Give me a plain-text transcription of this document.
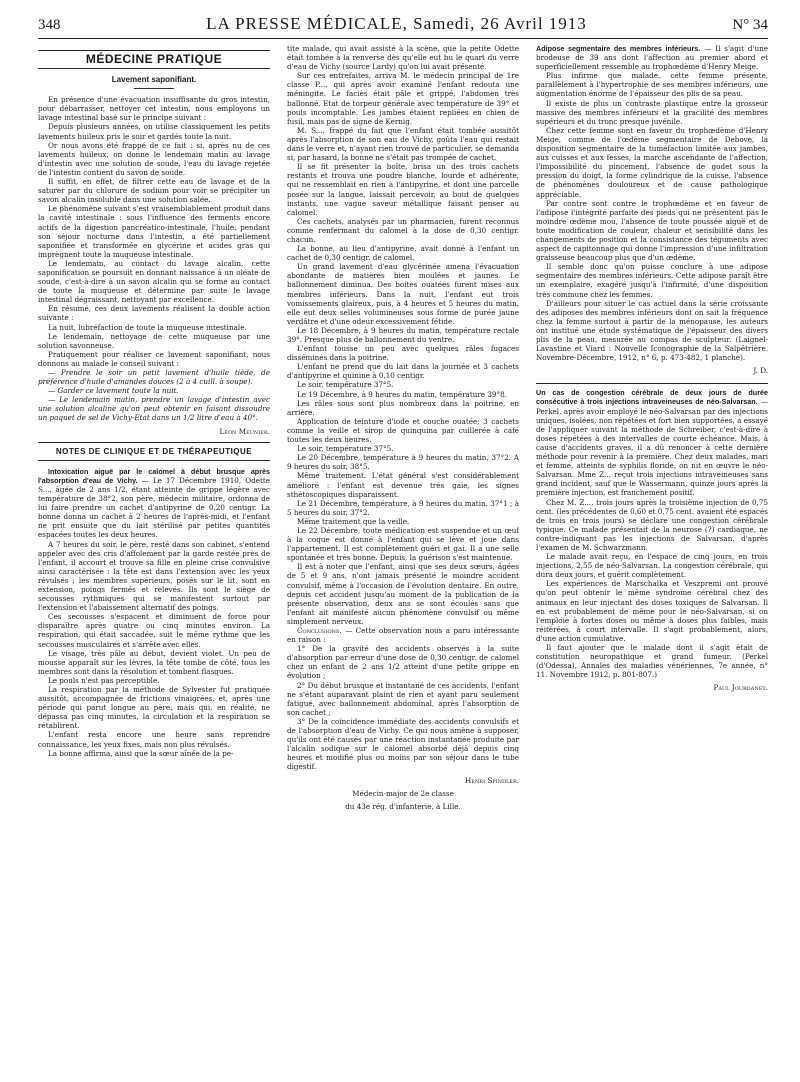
348	LA PRESSE MÉDICALE, Samedi, 26 Avril 1913	N° 34
MÉDECINE PRATIQUE
Lavement saponifiant.

En présence d'une évacuation insuffisante du gros intestin, pour débarrasser, nettoyer cet intestin, nous employons un lavage intestinal basé sur le principe suivant :

Depuis plusieurs années, on utilise classiquement les petits lavements huileux pris le soir et gardés toute la nuit.

Or nous avons été frappé de ce fait : si, après nu de ces lavements huileux, on donne le lendemain matin au lavage d'intestin avec une solution de soude, l'eau du lavage rejetée de l'intestin contient du savon de soude.

Il suffit, en effet, de filtrer cette eau de lavage et de la saturer par du chlorure de sodium pour voir se précipiter un savon alcalin insoluble dans une solution salée.

Le phénomène suivant s'est vraisemblablement produit dans la cavité intestinale : sous l'influence des ferments encore actifs de la digestion pancréatico-intestinale, l'huile, pendant son séjour nocturne dans l'intestin, a été partiellement saponifiée et transformée en glycérine et acides gras qui imprègnent toute la muqueuse intestinale.

Le lendemain, au contact du lavage alcalin, cette saponification se poursuit en donnant naissance à un oléate de soude, c'est-à-dire à un savon alcalin qui se forme au contact de toute la muqueuse et détermine par suite le lavage intestinal dégraissant, nettoyant par excellence.

En résumé, ces deux lavements réalisent la double action suivante :

La nuit, lubréfaction de toute la muqueuse intestinale.

Le lendemain, nettoyage de cette muqueuse par une solution savonneuse.

Pratiquement pour réaliser ce lavement saponifiant, nous donnons au malade le conseil suivant :

— Prendre le soir un petit lavement d'huile tiède, de préférence d'huile d'amandes douces (2 à 4 cuill. à soupe).

— Garder ce lavement toute la nuit.

— Le lendemain matin, prendre un lavage d'intestin avec une solution alcaline qu'on peut obtenir en faisant dissoudre un paquet de sel de Vichy-Etat dans un 1/2 litre d'eau à 40°.

Léon Meunier.
NOTES DE CLINIQUE ET DE THÉRAPEUTIQUE

Intoxication aiguë par le calomel à début brusque après l'absorption d'eau de Vichy. — Le 17 Décembre 1910, Odette S..., âgée de 2 ans 1/2, étant atteinte de grippe légère avec température de 38°2, son père, médecin militaire, ordonna de lui faire prendre un cachet d'antipyrine de 0,20 centigr. La bonne donna un cachet à 2 heures de l'après-midi, et l'enfant ne prit ensuite que du lait stérilisé par petites quantités espacées toutes les deux heures.

A 7 heures du soir, le père, resté dans son cabinet, s'entend appeler avec des cris d'affolement par la garde restée près de l'enfant, il accourt et trouve sa fille en pleine crise convulsive ainsi caractérisée : la tête est dans l'extension avec les yeux révulsés ; les membres supérieurs, posés sur le lit, sont en extension, poings fermés et relevés. Ils sont le siège de secousses rythmiques qui se manifestent surtout par l'extension et l'abaissement alternatif des poings.

Ces secousses s'espacent et diminuent de force pour disparaître après quatre ou cinq minutes environ. La respiration, qui était saccadée, suit le même rythme que les secousses musculaires et s'arrête avec elles.

Le visage, très pâle au début, devient violet. Un peu de mousse apparaît sur les lèvres, la tête tombe de côté, tous les membres sont dans la résolution et tombent flasques.

Le pouls n'est pas perceptible.

La respiration par la méthode de Sylvester fut pratiquée aussitôt, accompagnée de frictions vinaigrées, et, après une période qui parut longue au père, mais qui, en réalité, ne dépassa pas cinq minutes, la circulation et la respiration se rétablirent.

L'enfant resta encore une heure sans reprendre connaissance, les yeux fixes, mais non plus révulsés.

La bonne affirma, ainsi que la sœur aînée de la pe-

tite malade, qui avait assisté à la scène, que la petite Odette était tombée à la renverse dès qu'elle eut bu le quart du verre d'eau de Vichy (source Lardy) qu'on lui avait présenté.

Sur ces entrefaites, arriva M. le médecin principal de 1re classe P..., qui après avoir examiné l'enfant redouta une méningite. Le faciès était pâle et grippé, l'abdomen très ballonné. Etat de torpeur générale avec température de 39° et pouls incomptable. Les jambes étaient repliées en chien de fusil, mais pas de signe de Kernig.

M. S..., frappé du fait que l'enfant était tombée aussitôt après l'absorption de son eau de Vichy, goûta l'eau qui restait dans le verre et, n'ayant rien trouvé de particulier, se demanda si, par hasard, la bonne ne s'était pas trompée de cachet.

Il se fit présenter la boîte, brisa un des trois cachets restants et trouva une poudre blanche, lourde et adhérente, qui ne ressemblait en rien à l'antipyrine, et dont une parcelle posée sur la langue, laissait percevoir, au bout de quelques instants, une vague saveur métallique faisant penser au calomel.

Ces cachets, analysés par un pharmacien, furent reconnus comme renfermant du calomel à la dose de 0,30 centigr. chacun.

La bonne, au lieu d'antipyrine, avait donné à l'enfant un cachet de 0,30 centigr. de calomel.

Un grand lavement d'eau glycérinée amena l'évacuation abondante de matières bien moulées et jaunes. Le ballonnement diminua. Des boites ouatées furent mises aux membres inférieurs. Dans la nuit, l'enfant eut trois vomissements glaireux, puis, à 4 heures et 5 heures du matin, elle eut deux selles volumineuses sous forme de purée jaune verdâtre et d'une odeur excessivement fétide.

Le 18 Décembre, à 9 heures du matin, température rectale 39°. Presque plus de ballonnement du ventre.

L'enfant tousse un peu avec quelques râles fugaces disséminés dans la poitrine.

L'enfant ne prend que du lait dans la journée et 3 cachets d'antipyrine et quinine à 0,10 centigr.

Le soir, température 37°5.

Le 19 Décembre, à 9 heures du matin, température 39°8.

Les râles sous sont plus nombreux dans la poitrine, en arrière.

Application de teinture d'iode et couche ouatée; 3 cachets comme la veille et sirop de quinquina par cuillerée à café toutes les deux heures.

Le soir, température 37°5.

Le 20 Décembre, température à 9 heures du matin, 37°2. A 9 heures du soir, 38°5.

Même traitement. L'état général s'est considérablement amélioré : l'enfant est devenue très gaie, les signes sthétoscopiques disparaissent.

Le 21 Décembre, température, à 9 heures du matin, 37°1 ; à 5 heures du soir, 37°2.

Même traitement que la veille.

Le 22 Décembre, toute médication est suspendue et un œuf à la coque est donné à l'enfant qui se lève et joue dans l'appartement. Il est complètement guéri et gai. Il a une selle spontanée et très bonne. Depuis, la guérison s'est maintenue.

Il est à noter que l'enfant, ainsi que ses deux sœurs, âgées de 5 et 9 ans, n'ont jamais présenté le moindre accident convulsif, même à l'occasion de l'évolution dentaire. En outre, depuis cet accident jusqu'au moment de la publication de la présente observation, deux ans se sont écoulés sans que l'enfant ait manifesté aucun phénomène convulsif ou même simplement nerveux.

Conclusions. — Cette observation nous a paru intéressante en raison :

1° De la gravité des accidents observés à la suite d'absorption par erreur d'une dose de 0,30 centigr. de calomel chez un enfant de 2 ans 1/2 atteint d'une petite grippe en évolution ;

2° Du début brusque et instantané de ces accidents, l'enfant ne s'étant auparavant plaint de rien et ayant paru seulement fatigué, avec ballonnement abdominal, après l'absorption de son cachet ;

3° De la coïncidence immédiate des accidents convulsifs et de l'absorption d'eau de Vichy. Ce qui nous amène à supposer, qu'ils ont été causés par une réaction instantanée produite par l'alcalin sodique sur le calomel absorbé déjà depuis cinq heures et modifié plus ou moins par son séjour dans le tube digestif.

Henri Spindler.
Médecin-major de 2e classe
du 43e rég. d'infanterie, à Lille.

Adipose segmentaire des membres inférieurs. — Il s'agit d'une brodeuse de 39 ans dont l'affection au premier abord et superficiellement ressemble au trophœdème d'Henry Meige.

Plus infirme que malade, cette femme présente, parallèlement à l'hypertrophie de ses membres inférieurs, une augmentation énorme de l'épaisseur des plis de sa peau.

Il existe de plus un contraste plastique entre la grosseur massive des membres inférieurs et la gracilité des membres supérieurs et du tronc presque juvénile.

Chez cette femme sont en faveur du trophœdème d'Henry Meige, comme de l'œdème segmentaire de Debove, la disposition segmentaire de la tuméfaction limitée aux jambes, aux cuisses et aux fesses, la marche ascendante de l'affection, l'impossibilité du pincement, l'absence de godet sous la pression du doigt, la forme cylindrique de la cuisse, l'absence de phénomènes douloureux et de cause pathologique appréciable.

Par contre sont contre le trophœdème et en faveur de l'adipose l'intégrité parfaite des pieds qui ne présentent pas le moindre œdème mou, l'absence de toute poussée aiguë et de toute modification de couleur, chaleur et sensibilité dans les changements de position et la consistance des téguments avec aspect de capitonnage qui donne l'impression d'une infiltration graisseuse beaucoup plus que d'un œdème.

Il semble donc qu'on puisse conclure à une adipose segmentaire des membres inférieurs. Cette adipose paraît être un exemplaire, exagéré jusqu'à l'infirmité, d'une disposition très commune chez les femmes.

D'ailleurs pour situer le cas actuel dans la série croissante des adiposes des membres inférieurs dont on sait la fréquence chez la femme surtout à partir de la ménopause, les auteurs ont institué une étude systématique de l'épaisseur des divers plis de la peau, mesurée au compas de sculpteur. (Laignel-Lavastine et Viard : Nouvelle Iconographie de la Salpêtrière. Novembre-Décembre, 1912, n° 6, p. 473-482, 1 planche).

J. D.

Un cas de congestion cérébrale de deux jours de durée consécutive à trois injections intraveineuses de néo-Salvarsan. — Perkel, après avoir employé le néo-Salvarsan par des injections uniques, isolées, non répétées et fort bien supportées, a essayé de l'appliquer suivant la méthode de Schreiber, c'est-à-dire à doses répétées à des intervalles de courte échéance. Mais, à cause d'accidents graves, il a dû renoncer à cette dernière méthode pour revenir à la première. Chez deux malades, mari et femme, atteints de syphilis floride, on nit en œuvre le néo-Salvarsan. Mme Z... reçut trois injections intraveineuses sans grand incident, sauf que le Wassermann, quinze jours après la première injection, est franchement positif.

Chez M. Z..., trois jours après la troisième injection de 0,75 cent. (les précédentes de 0,60 et 0,75 cent. avaient été espacés de trois en trois jours) se déclare une congestion cérébrale typique. Ce malade présentait de la neurose (?) cardiaque, ne contre-indiquant pas les injections de Salvarsan, d'après l'examen de M. Schwarzmann.

Le malade avait reçu, en l'espace de cinq jours, en trois injections, 2,55 de néo-Salvarsan. La congestion cérébrale, qui dura deux jours, et guérit complètement.

Les expériences de Marschalka et Veszpremi ont prouvé qu'on peut obtenir le même syndrome cérébral chez des animaux en leur injectant des doses toxiques de Salvarsan. Il en est probablement de même pour le néo-Salvarsan, si on l'emploie à fortes doses ou même à doses plus faibles, mais réitérées, à court intervalle. Il s'agit probablement, alors, d'une action cumulative.

Il faut ajouter que le malade dont il s'agit était de constitution neuropathique et grand fumeur. (Perkel (d'Odessa), Annales des maladies vénériennes, 7e année, n° 11. Novembre 1912, p. 801-807.)

Paul Jourdanet.
